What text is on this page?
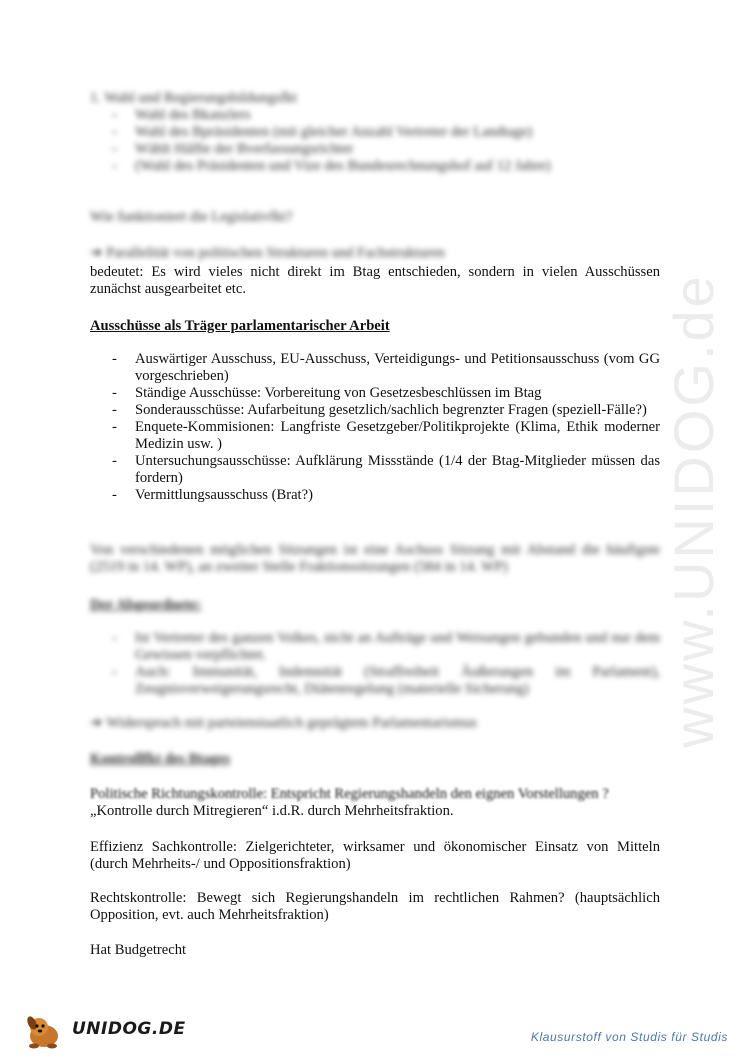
www.UNIDOG.de
1. Wahl und Regierungsbildungsfkt
- Wahl des Bkanzlers
- Wahl des Bpräsidenten (mit gleicher Anzahl Vertreter der Landtage)
- Wählt Hälfte der Bverfassungsrichter
- (Wahl des Präsidenten und Vize des Bundesrechnungshof auf 12 Jahre)
Wie funktioniert die Legislativfkt?
➔ Parallelität von politischen Strukturen und Fachstrukturen
bedeutet: Es wird vieles nicht direkt im Btag entschieden, sondern in vielen Ausschüssen zunächst ausgearbeitet etc.
Ausschüsse als Träger parlamentarischer Arbeit
- Auswärtiger Ausschuss, EU-Ausschuss, Verteidigungs- und Petitionsausschuss (vom GG vorgeschrieben)
- Ständige Ausschüsse: Vorbereitung von Gesetzesbeschlüssen im Btag
- Sonderausschüsse: Aufarbeitung gesetzlich/sachlich begrenzter Fragen (speziell-Fälle?)
- Enquete-Kommisionen: Langfriste Gesetzgeber/Politikprojekte (Klima, Ethik moderner Medizin usw. )
- Untersuchungsausschüsse: Aufklärung Missstände (1/4 der Btag-Mitglieder müssen das fordern)
- Vermittlungsausschuss (Brat?)
Von verschiedenen möglichen Sitzungen ist eine Aschuss Sitzung mit Abstand die häufigste (2519 in 14. WP), an zweiter Stelle Fraktionssitzungen (584 in 14. WP)
Der Abgeordnete:
- Ist Vertreter des ganzen Volkes, nicht an Aufträge und Weisungen gebunden und nur dem Gewissen verpflichtet.
- Auch: Immunität, Indemnität (Straffreiheit Äußerungen im Parlament), Zeugnisverweigerungsrecht, Diätenregelung (materielle Sicherung)
➔ Widerspruch mit parteienstaatlich geprägtem Parlamentarismus
Kontrollfkt des Btages
Politische Richtungskontrolle: Entspricht Regierungshandeln den eignen Vorstellungen ?
„Kontrolle durch Mitregieren“ i.d.R. durch Mehrheitsfraktion.
Effizienz Sachkontrolle: Zielgerichteter, wirksamer und ökonomischer Einsatz von Mitteln (durch Mehrheits-/ und Oppositionsfraktion)
Rechtskontrolle: Bewegt sich Regierungshandeln im rechtlichen Rahmen? (hauptsächlich Opposition, evt. auch Mehrheitsfraktion)
Hat Budgetrecht
UNIDOG.DE	Klausurstoff von Studis für Studis
